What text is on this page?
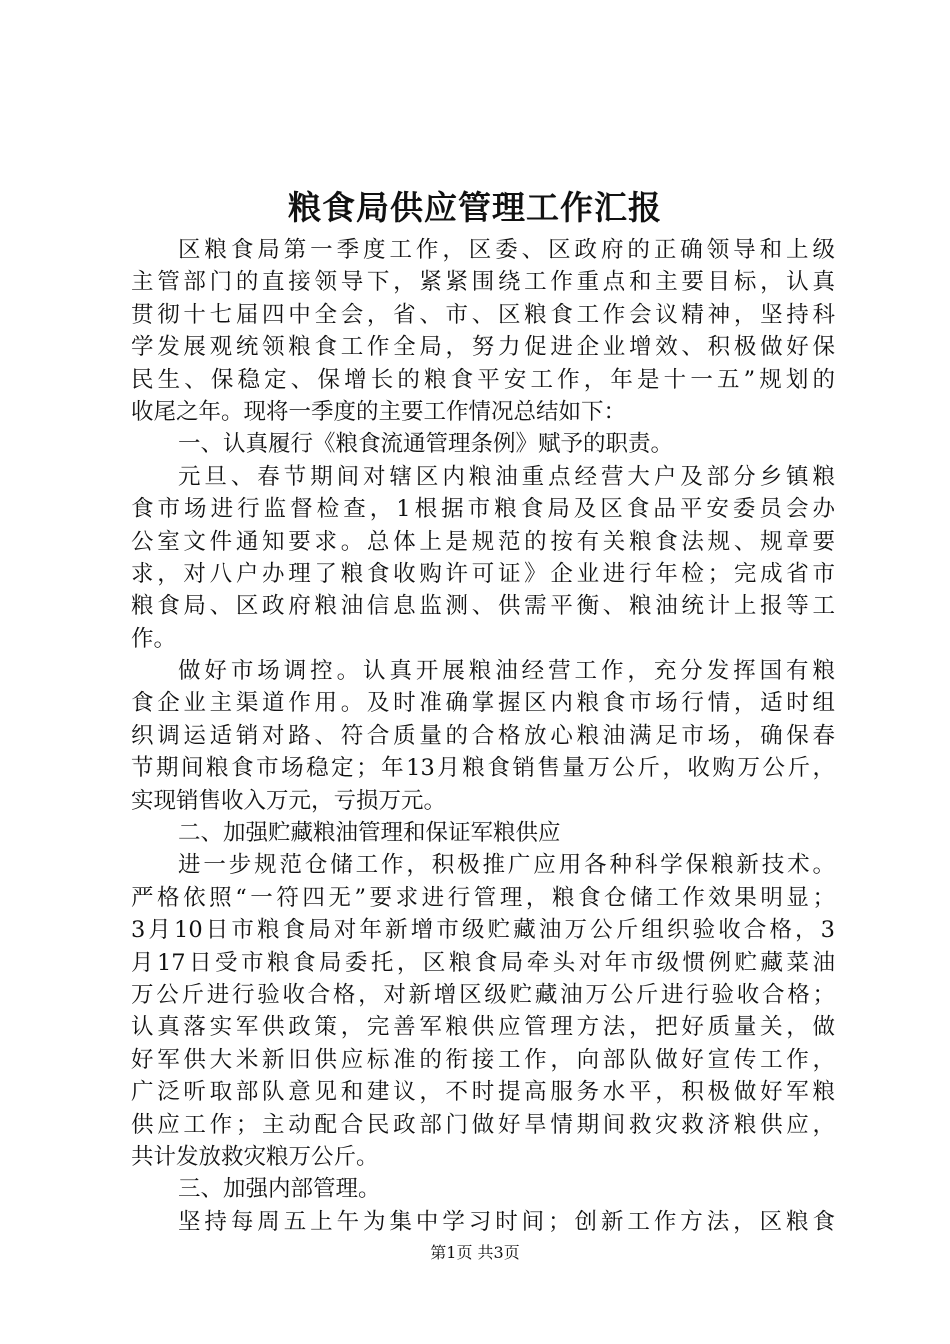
粮食局供应管理工作汇报
区粮食局第一季度工作，区委、区政府的正确领导和上级
主管部门的直接领导下，紧紧围绕工作重点和主要目标，认真
贯彻十七届四中全会，省、市、区粮食工作会议精神，坚持科
学发展观统领粮食工作全局，努力促进企业增效、积极做好保
民生、保稳定、保增长的粮食平安工作，年是十一五”规划的
收尾之年。现将一季度的主要工作情况总结如下：
一、认真履行《粮食流通管理条例》赋予的职责。
元旦、春节期间对辖区内粮油重点经营大户及部分乡镇粮
食市场进行监督检查，1根据市粮食局及区食品平安委员会办
公室文件通知要求。总体上是规范的按有关粮食法规、规章要
求，对八户办理了粮食收购许可证》企业进行年检；完成省市
粮食局、区政府粮油信息监测、供需平衡、粮油统计上报等工
作。
做好市场调控。认真开展粮油经营工作，充分发挥国有粮
食企业主渠道作用。及时准确掌握区内粮食市场行情，适时组
织调运适销对路、符合质量的合格放心粮油满足市场，确保春
节期间粮食市场稳定；年13月粮食销售量万公斤，收购万公斤，
实现销售收入万元，亏损万元。
二、加强贮藏粮油管理和保证军粮供应
进一步规范仓储工作，积极推广应用各种科学保粮新技术。
严格依照“一符四无”要求进行管理，粮食仓储工作效果明显；
3月10日市粮食局对年新增市级贮藏油万公斤组织验收合格，3
月17日受市粮食局委托，区粮食局牵头对年市级惯例贮藏菜油
万公斤进行验收合格，对新增区级贮藏油万公斤进行验收合格；
认真落实军供政策，完善军粮供应管理方法，把好质量关，做
好军供大米新旧供应标准的衔接工作，向部队做好宣传工作，
广泛听取部队意见和建议，不时提高服务水平，积极做好军粮
供应工作；主动配合民政部门做好旱情期间救灾救济粮供应，
共计发放救灾粮万公斤。
三、加强内部管理。
坚持每周五上午为集中学习时间；创新工作方法，区粮食
第1页 共3页
